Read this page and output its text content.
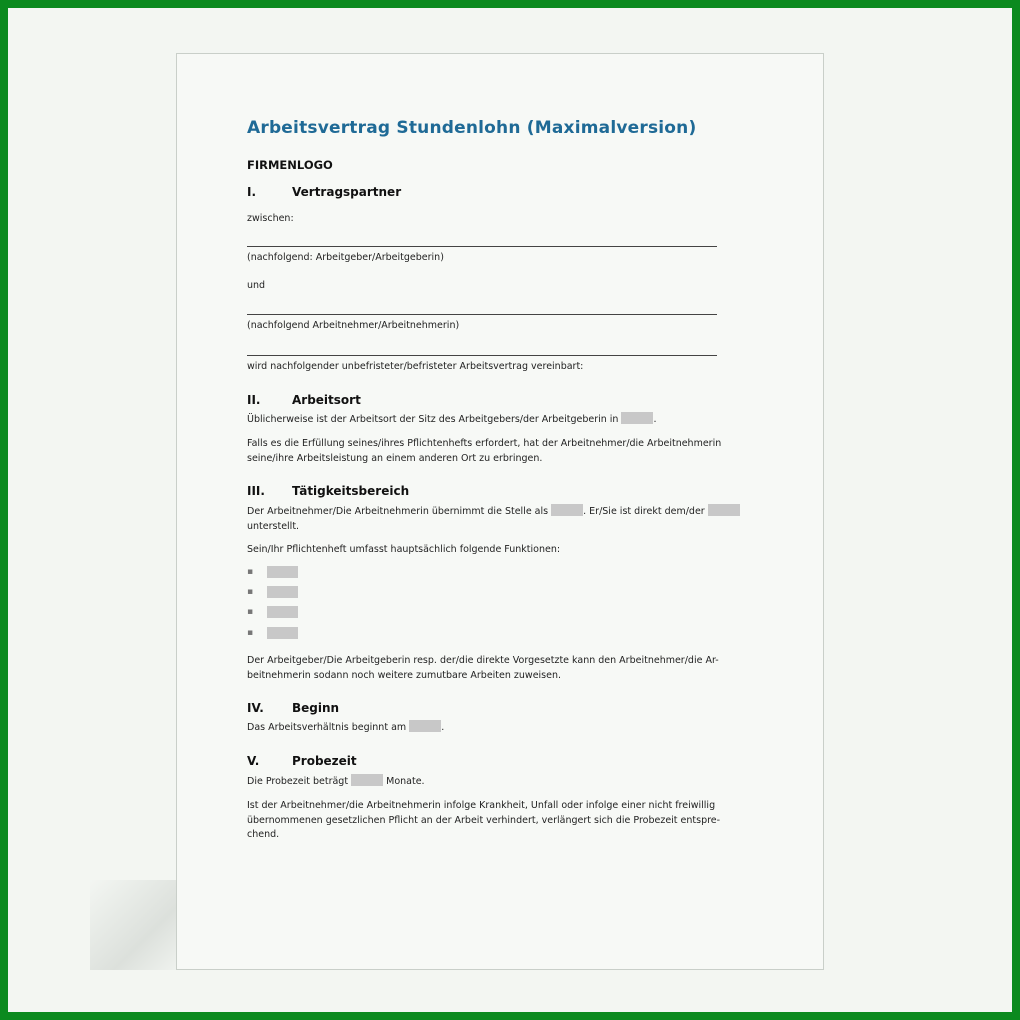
Arbeitsvertrag Stundenlohn (Maximalversion)
FIRMENLOGO
I.	Vertragspartner
zwischen:
(nachfolgend: Arbeitgeber/Arbeitgeberin)
und
(nachfolgend Arbeitnehmer/Arbeitnehmerin)
wird nachfolgender unbefristeter/befristeter Arbeitsvertrag vereinbart:
II.	Arbeitsort
Üblicherweise ist der Arbeitsort der Sitz des Arbeitgebers/der Arbeitgeberin in	.
Falls es die Erfüllung seines/ihres Pflichtenhefts erfordert, hat der Arbeitnehmer/die Arbeitnehmerin
seine/ihre Arbeitsleistung an einem anderen Ort zu erbringen.
III. Tätigkeitsbereich
Der Arbeitnehmer/Die Arbeitnehmerin übernimmt die Stelle als	. Er/Sie ist direkt dem/der
unterstellt.
Sein/Ihr Pflichtenheft umfasst hauptsächlich folgende Funktionen:
▪
▪
▪
▪
Der Arbeitgeber/Die Arbeitgeberin resp. der/die direkte Vorgesetzte kann den Arbeitnehmer/die Ar-
beitnehmerin sodann noch weitere zumutbare Arbeiten zuweisen.
IV. Beginn
Das Arbeitsverhältnis beginnt am	.
V.	Probezeit
Die Probezeit beträgt	Monate.
Ist der Arbeitnehmer/die Arbeitnehmerin infolge Krankheit, Unfall oder infolge einer nicht freiwillig
übernommenen gesetzlichen Pflicht an der Arbeit verhindert, verlängert sich die Probezeit entspre-
chend.
